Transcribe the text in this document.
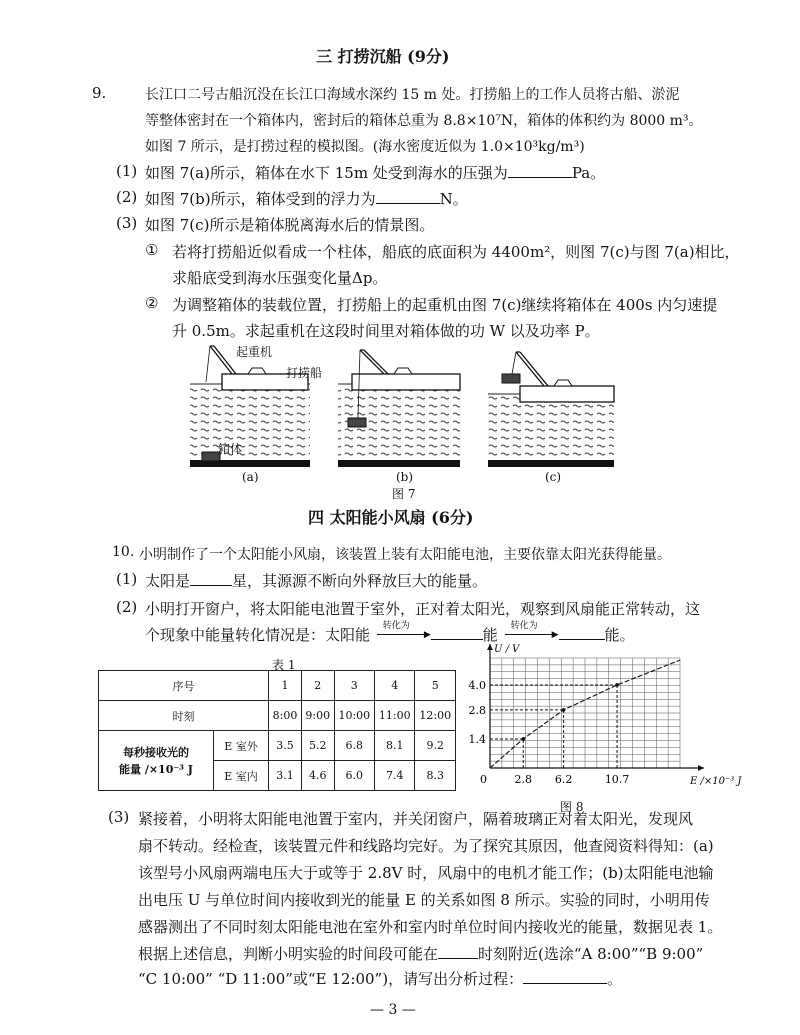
三 打捞沉船 (9分)
9.	长江口二号古船沉没在长江口海域水深约 15 m 处。打捞船上的工作人员将古船、淤泥
等整体密封在一个箱体内，密封后的箱体总重为 8.8×10⁷N，箱体的体积约为 8000 m³。
如图 7 所示，是打捞过程的模拟图。(海水密度近似为 1.0×10³kg/m³)
(1) 如图 7(a)所示，箱体在水下 15m 处受到海水的压强为	Pa。
(2) 如图 7(b)所示，箱体受到的浮力为	N。
(3) 如图 7(c)所示是箱体脱离海水后的情景图。
① 若将打捞船近似看成一个柱体，船底的底面积为 4400m²，则图 7(c)与图 7(a)相比，
求船底受到海水压强变化量Δp。
② 为调整箱体的装载位置，打捞船上的起重机由图 7(c)继续将箱体在 400s 内匀速提
升 0.5m。求起重机在这段时间里对箱体做的功 W 以及功率 P。
起重机
打捞船
箱体
(a)	(b)	(c)
图 7
四 太阳能小风扇 (6分)
10. 小明制作了一个太阳能小风扇，该装置上装有太阳能电池，主要依靠太阳光获得能量。
(1) 太阳是	星，其源源不断向外释放巨大的能量。
(2) 小明打开窗户，将太阳能电池置于室外，正对着太阳光，观察到风扇能正常转动，这
个现象中能量转化情况是：太阳能 转化为
▶	能 转化为
▶	能。
表 1
序号		1	2	3	4	5
时刻		8:00	9:00	10:00	11:00	12:00

每秒接收光的
能量 /×10⁻³ J	E 室外	3.5	5.2	6.8	8.1	9.2
	E 室内	3.1	4.6	6.0	7.4	8.3	2.8 6.2	10.7
1.4
2.8
4.0
0	E /×10⁻³ J
U / V
图 8
(3) 紧接着，小明将太阳能电池置于室内，并关闭窗户，隔着玻璃正对着太阳光，发现风
扇不转动。经检查，该装置元件和线路均完好。为了探究其原因，他查阅资料得知：(a)
该型号小风扇两端电压大于或等于 2.8V 时，风扇中的电机才能工作；(b)太阳能电池输
出电压 U 与单位时间内接收到光的能量 E 的关系如图 8 所示。实验的同时，小明用传
感器测出了不同时刻太阳能电池在室外和室内时单位时间内接收光的能量，数据见表 1。
根据上述信息，判断小明实验的时间段可能在	时刻附近(选涂“A 8:00”“B 9:00”
“C 10:00” “D 11:00”或“E 12:00”)，请写出分析过程：	。
— 3 —
